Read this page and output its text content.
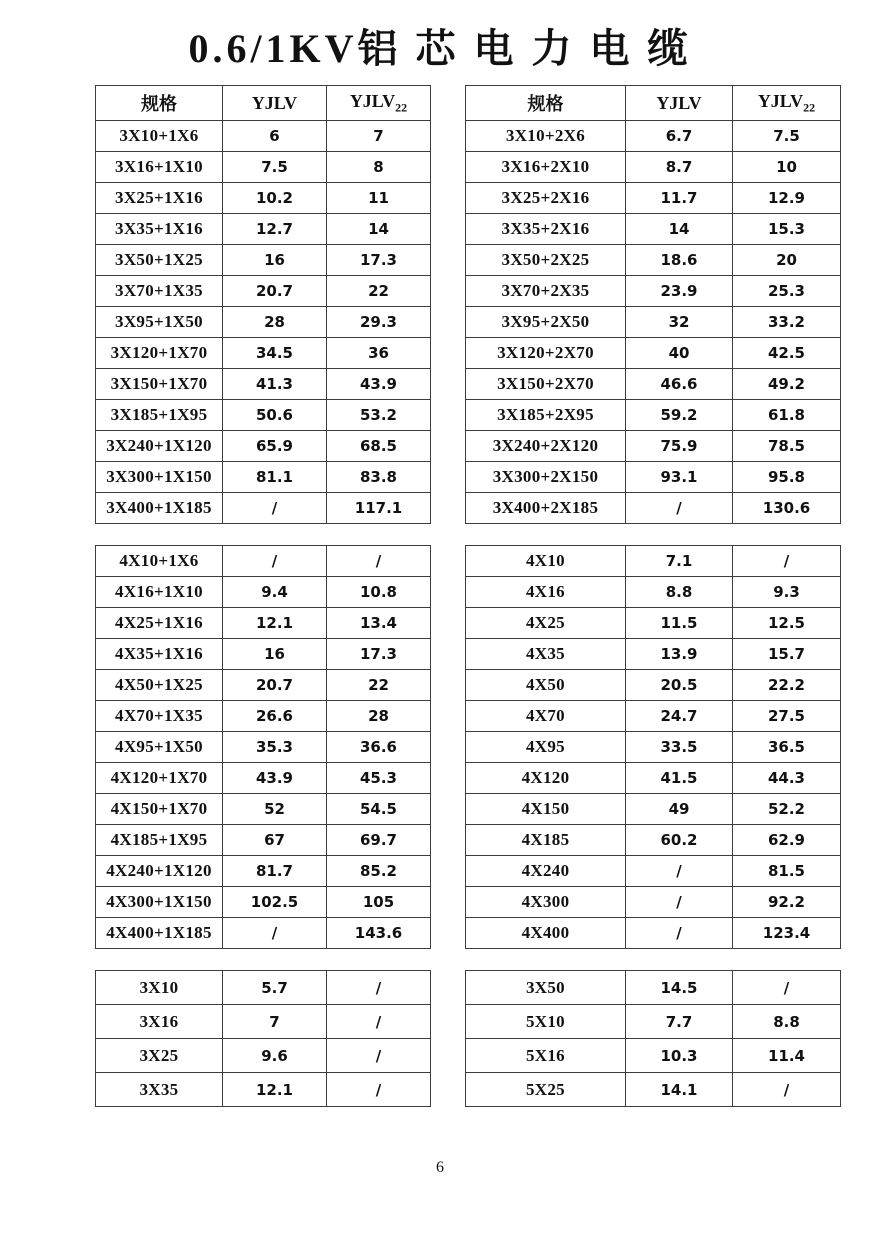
0.6/1KV铝 芯 电 力 电 缆
规格	YJLV	$YJLV_{22}$
3X10+1X6	6	7
3X16+1X10	7.5	8
3X25+1X16	10.2	11
3X35+1X16	12.7	14
3X50+1X25	16	17.3
3X70+1X35	20.7	22
3X95+1X50	28	29.3
3X120+1X70	34.5	36
3X150+1X70	41.3	43.9
3X185+1X95	50.6	53.2
3X240+1X120	65.9	68.5
3X300+1X150	81.1	83.8
3X400+1X185	/	117.1
4X10+1X6	/	/
4X16+1X10	9.4	10.8
4X25+1X16	12.1	13.4
4X35+1X16	16	17.3
4X50+1X25	20.7	22
4X70+1X35	26.6	28
4X95+1X50	35.3	36.6
4X120+1X70	43.9	45.3
4X150+1X70	52	54.5
4X185+1X95	67	69.7
4X240+1X120	81.7	85.2
4X300+1X150	102.5	105
4X400+1X185	/	143.6
3X10	5.7	/
3X16	7	/
3X25	9.6	/
3X35	12.1	/
规格	YJLV	$YJLV_{22}$
3X10+2X6	6.7	7.5
3X16+2X10	8.7	10
3X25+2X16	11.7	12.9
3X35+2X16	14	15.3
3X50+2X25	18.6	20
3X70+2X35	23.9	25.3
3X95+2X50	32	33.2
3X120+2X70	40	42.5
3X150+2X70	46.6	49.2
3X185+2X95	59.2	61.8
3X240+2X120	75.9	78.5
3X300+2X150	93.1	95.8
3X400+2X185	/	130.6
4X10	7.1	/
4X16	8.8	9.3
4X25	11.5	12.5
4X35	13.9	15.7
4X50	20.5	22.2
4X70	24.7	27.5
4X95	33.5	36.5
4X120	41.5	44.3
4X150	49	52.2
4X185	60.2	62.9
4X240	/	81.5
4X300	/	92.2
4X400	/	123.4
3X50	14.5	/
5X10	7.7	8.8
5X16	10.3	11.4
5X25	14.1	/
6
